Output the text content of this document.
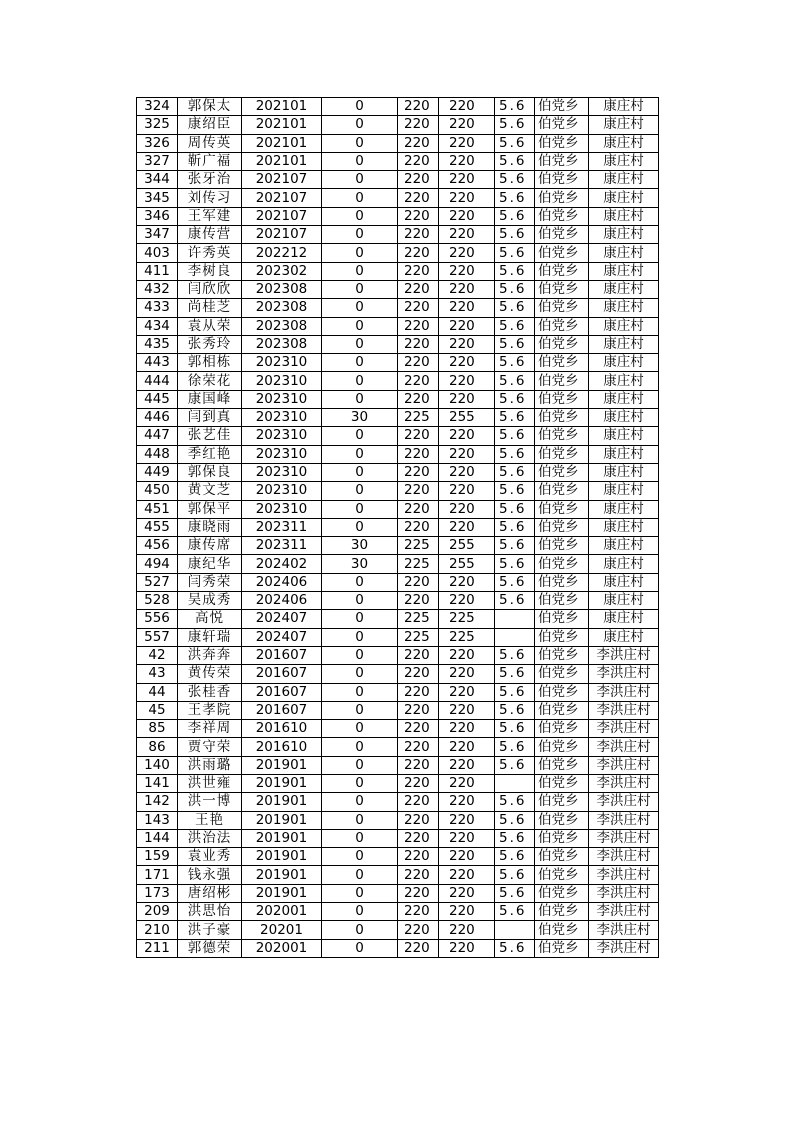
324	郭保太	202101	0	220	220	5.6	伯党乡	康庄村
325	康绍臣	202101	0	220	220	5.6	伯党乡	康庄村
326	周传英	202101	0	220	220	5.6	伯党乡	康庄村
327	靳广福	202101	0	220	220	5.6	伯党乡	康庄村
344	张牙治	202107	0	220	220	5.6	伯党乡	康庄村
345	刘传习	202107	0	220	220	5.6	伯党乡	康庄村
346	王军建	202107	0	220	220	5.6	伯党乡	康庄村
347	康传营	202107	0	220	220	5.6	伯党乡	康庄村
403	许秀英	202212	0	220	220	5.6	伯党乡	康庄村
411	李树良	202302	0	220	220	5.6	伯党乡	康庄村
432	闫欣欣	202308	0	220	220	5.6	伯党乡	康庄村
433	尚桂芝	202308	0	220	220	5.6	伯党乡	康庄村
434	袁从荣	202308	0	220	220	5.6	伯党乡	康庄村
435	张秀玲	202308	0	220	220	5.6	伯党乡	康庄村
443	郭相栋	202310	0	220	220	5.6	伯党乡	康庄村
444	徐荣花	202310	0	220	220	5.6	伯党乡	康庄村
445	康国峰	202310	0	220	220	5.6	伯党乡	康庄村
446	闫到真	202310	30	225	255	5.6	伯党乡	康庄村
447	张艺佳	202310	0	220	220	5.6	伯党乡	康庄村
448	季红艳	202310	0	220	220	5.6	伯党乡	康庄村
449	郭保良	202310	0	220	220	5.6	伯党乡	康庄村
450	黄文芝	202310	0	220	220	5.6	伯党乡	康庄村
451	郭保平	202310	0	220	220	5.6	伯党乡	康庄村
455	康晓雨	202311	0	220	220	5.6	伯党乡	康庄村
456	康传席	202311	30	225	255	5.6	伯党乡	康庄村
494	康纪华	202402	30	225	255	5.6	伯党乡	康庄村
527	闫秀荣	202406	0	220	220	5.6	伯党乡	康庄村
528	吴成秀	202406	0	220	220	5.6	伯党乡	康庄村
556	高悦	202407	0	225	225		伯党乡	康庄村
557	康轩瑞	202407	0	225	225		伯党乡	康庄村
42	洪奔奔	201607	0	220	220	5.6	伯党乡	李洪庄村
43	黄传荣	201607	0	220	220	5.6	伯党乡	李洪庄村
44	张桂香	201607	0	220	220	5.6	伯党乡	李洪庄村
45	王孝院	201607	0	220	220	5.6	伯党乡	李洪庄村
85	李祥周	201610	0	220	220	5.6	伯党乡	李洪庄村
86	贾守荣	201610	0	220	220	5.6	伯党乡	李洪庄村
140	洪雨璐	201901	0	220	220	5.6	伯党乡	李洪庄村
141	洪世雍	201901	0	220	220		伯党乡	李洪庄村
142	洪一博	201901	0	220	220	5.6	伯党乡	李洪庄村
143	王艳	201901	0	220	220	5.6	伯党乡	李洪庄村
144	洪治法	201901	0	220	220	5.6	伯党乡	李洪庄村
159	袁业秀	201901	0	220	220	5.6	伯党乡	李洪庄村
171	钱永强	201901	0	220	220	5.6	伯党乡	李洪庄村
173	唐绍彬	201901	0	220	220	5.6	伯党乡	李洪庄村
209	洪思怡	202001	0	220	220	5.6	伯党乡	李洪庄村
210	洪子豪	20201	0	220	220		伯党乡	李洪庄村
211	郭德荣	202001	0	220	220	5.6	伯党乡	李洪庄村
